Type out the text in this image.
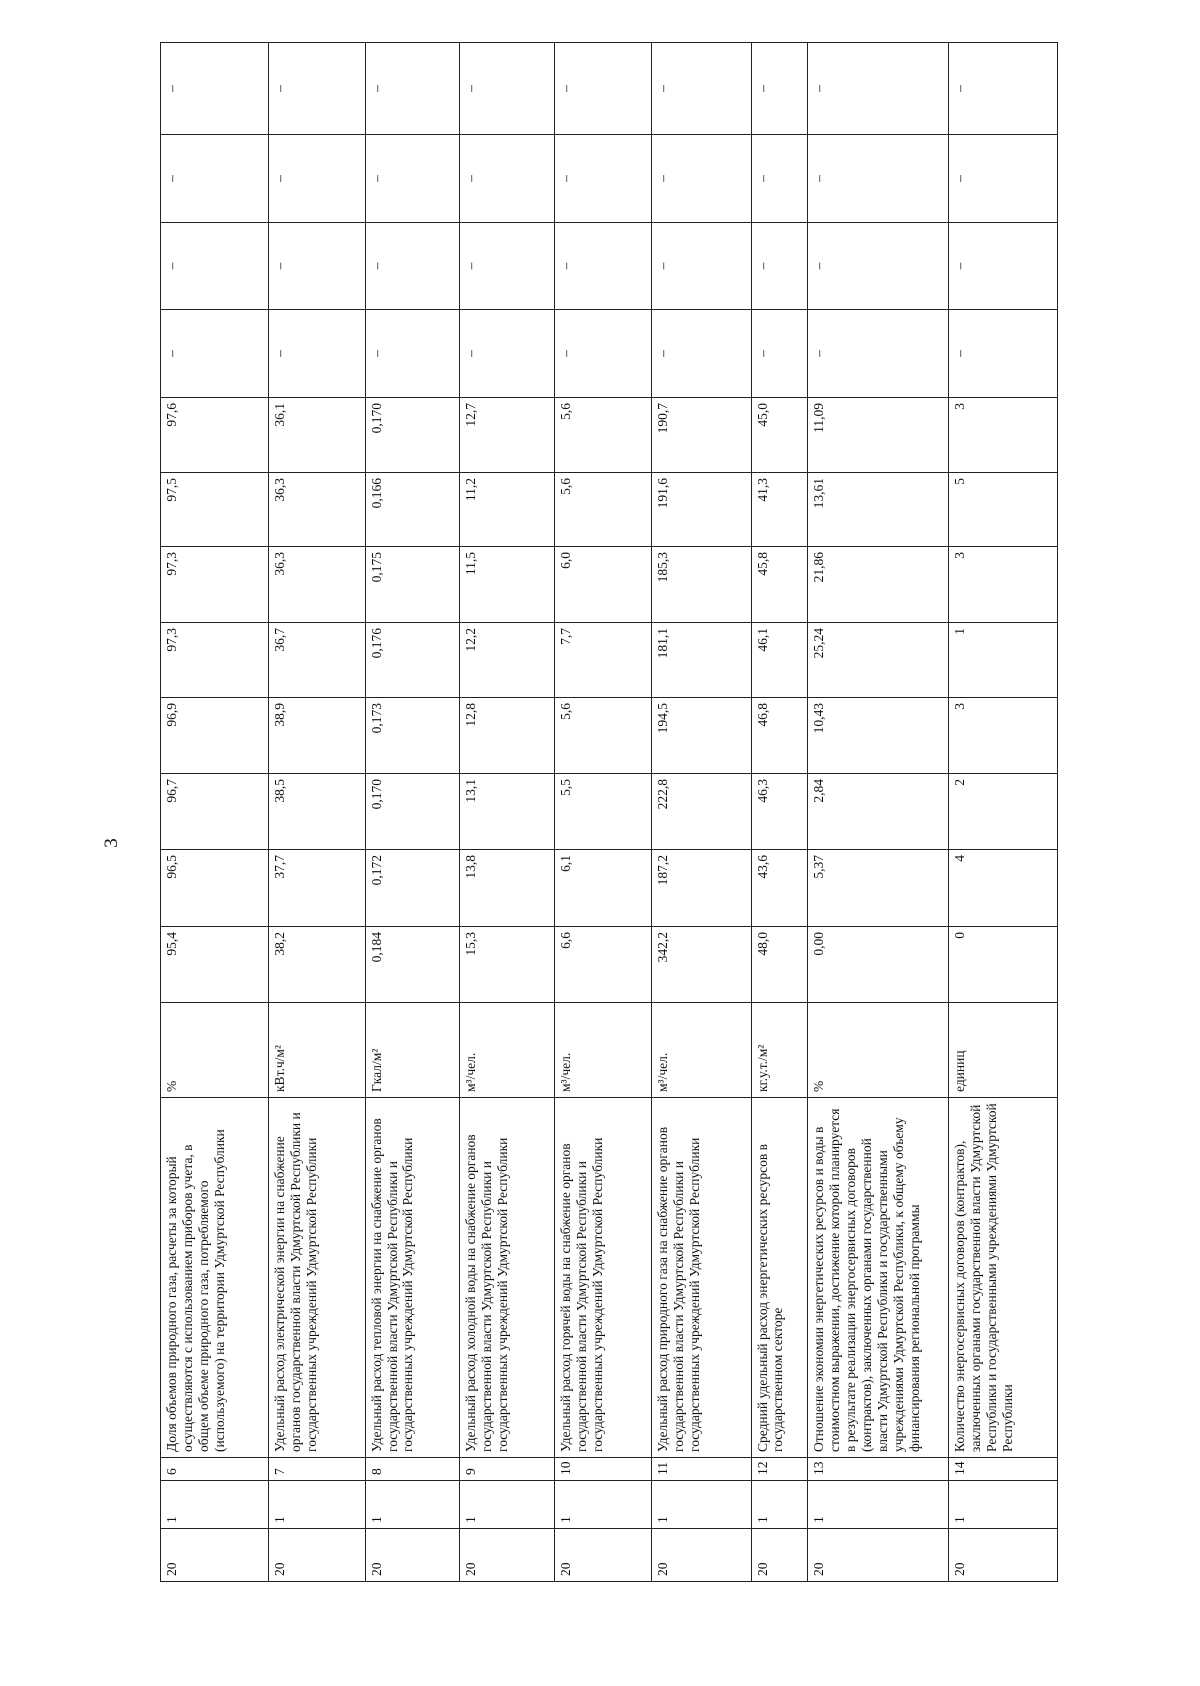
3
20	1	6	Доля объемов природного газа, расчеты за который осуществляются с использованием приборов учета, в общем объеме природного газа, потребляемого (используемого) на территории Удмуртской Республики	%	95,4	96,5	96,7	96,9	97,3	97,3	97,5	97,6	–	–	–	–
20	1	7	Удельный расход электрической энергии на снабжение органов государственной власти Удмуртской Республики и государственных учреждений Удмуртской Республики	кВт.ч/м²	38,2	37,7	38,5	38,9	36,7	36,3	36,3	36,1	–	–	–	–
20	1	8	Удельный расход тепловой энергии на снабжение органов государственной власти Удмуртской Республики и государственных учреждений Удмуртской Республики	Гкал/м²	0,184	0,172	0,170	0,173	0,176	0,175	0,166	0,170	–	–	–	–
20	1	9	Удельный расход холодной воды на снабжение органов государственной власти Удмуртской Республики и государственных учреждений Удмуртской Республики	м³/чел.	15,3	13,8	13,1	12,8	12,2	11,5	11,2	12,7	–	–	–	–
20	1	10	Удельный расход горячей воды на снабжение органов государственной власти Удмуртской Республики и государственных учреждений Удмуртской Республики	м³/чел.	6,6	6,1	5,5	5,6	7,7	6,0	5,6	5,6	–	–	–	–
20	1	11	Удельный расход природного газа на снабжение органов государственной власти Удмуртской Республики и государственных учреждений Удмуртской Республики	м³/чел.	342,2	187,2	222,8	194,5	181,1	185,3	191,6	190,7	–	–	–	–
20	1	12	Средний удельный расход энергетических ресурсов в государственном секторе	кг.у.т./м²	48,0	43,6	46,3	46,8	46,1	45,8	41,3	45,0	–	–	–	–
20	1	13	Отношение экономии энергетических ресурсов и воды в стоимостном выражении, достижение которой планируется в результате реализации энергосервисных договоров (контрактов), заключенных органами государственной власти Удмуртской Республики и государственными учреждениями Удмуртской Республики, к общему объему финансирования региональной программы	%	0,00	5,37	2,84	10,43	25,24	21,86	13,61	11,09	–	–	–	–
20	1	14	Количество энергосервисных договоров (контрактов), заключенных органами государственной власти Удмуртской Республики и государственными учреждениями Удмуртской Республики	единиц	0	4	2	3	1	3	5	3	–	–	–	–
